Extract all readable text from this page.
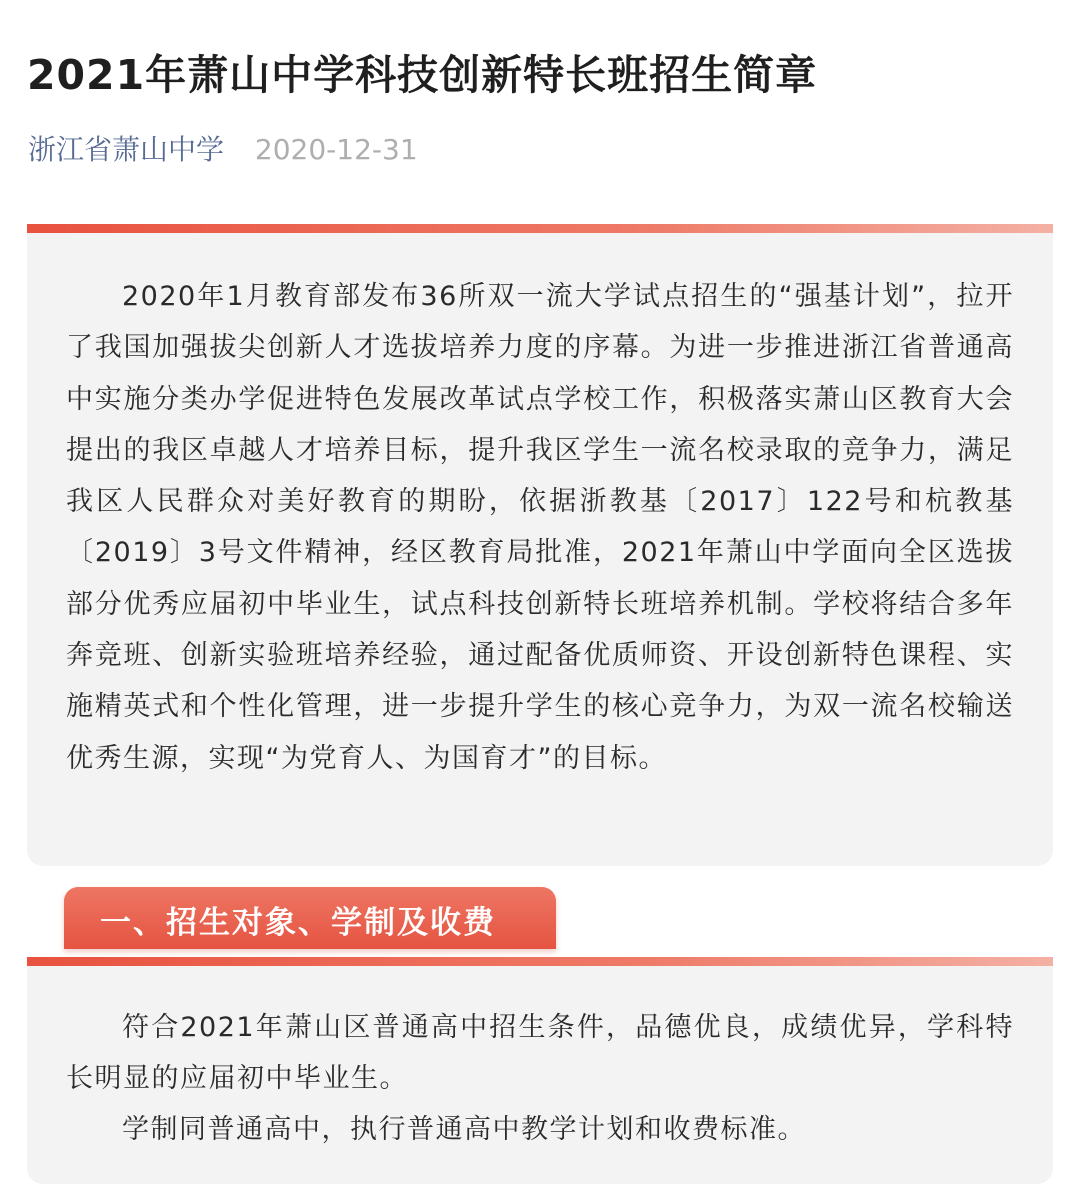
2021年萧山中学科技创新特长班招生简章
浙江省萧山中学 2020-12-31

2020年1月教育部发布36所双一流大学试点招生的“强基计划”，拉开了我国加强拔尖创新人才选拔培养力度的序幕。为进一步推进浙江省普通高中实施分类办学促进特色发展改革试点学校工作，积极落实萧山区教育大会提出的我区卓越人才培养目标，提升我区学生一流名校录取的竞争力，满足我区人民群众对美好教育的期盼，依据浙教基〔2017〕122号和杭教基〔2019〕3号文件精神，经区教育局批准，2021年萧山中学面向全区选拔部分优秀应届初中毕业生，试点科技创新特长班培养机制。学校将结合多年奔竞班、创新实验班培养经验，通过配备优质师资、开设创新特色课程、实施精英式和个性化管理，进一步提升学生的核心竞争力，为双一流名校输送优秀生源，实现“为党育人、为国育才”的目标。

一、招生对象、学制及收费

符合2021年萧山区普通高中招生条件，品德优良，成绩优异，学科特长明显的应届初中毕业生。

学制同普通高中，执行普通高中教学计划和收费标准。
